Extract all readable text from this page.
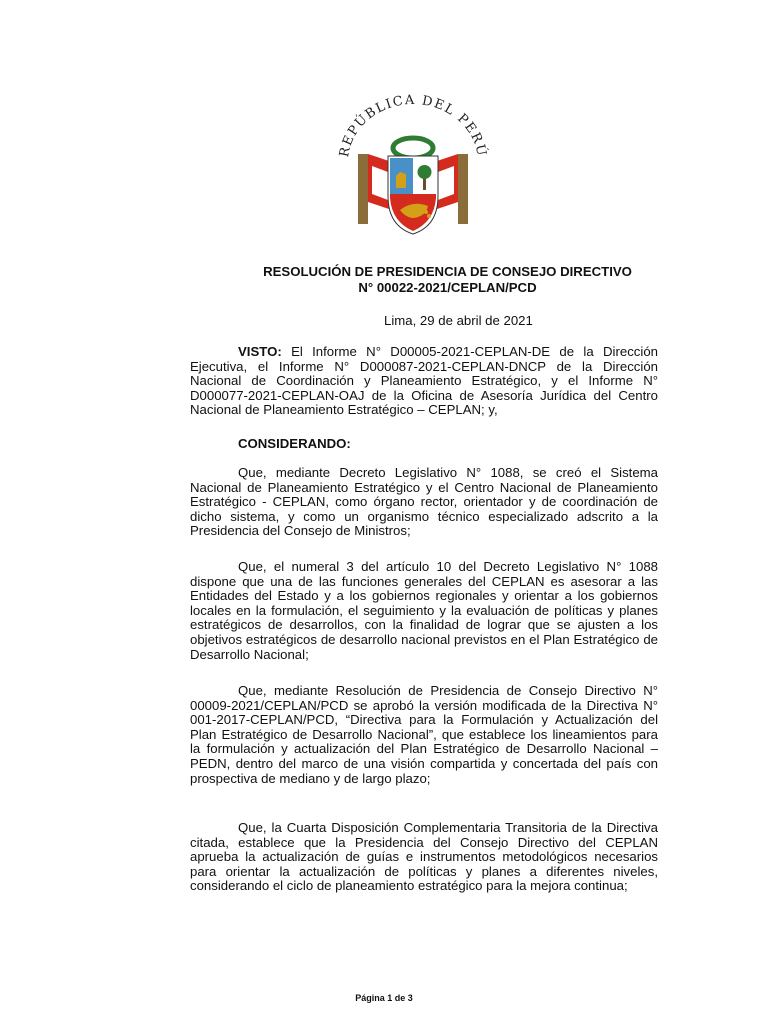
REPÚBLICA DEL PERÚ
RESOLUCIÓN DE PRESIDENCIA DE CONSEJO DIRECTIVO
N° 00022-2021/CEPLAN/PCD
Lima, 29 de abril de 2021

VISTO: El Informe N° D00005-2021-CEPLAN-DE de la Dirección Ejecutiva, el Informe N° D000087-2021-CEPLAN-DNCP de la Dirección Nacional de Coordinación y Planeamiento Estratégico, y el Informe N° D000077-2021-CEPLAN-OAJ de la Oficina de Asesoría Jurídica del Centro Nacional de Planeamiento Estratégico – CEPLAN; y,

CONSIDERANDO:

Que, mediante Decreto Legislativo N° 1088, se creó el Sistema Nacional de Planeamiento Estratégico y el Centro Nacional de Planeamiento Estratégico - CEPLAN, como órgano rector, orientador y de coordinación de dicho sistema, y como un organismo técnico especializado adscrito a la Presidencia del Consejo de Ministros;

Que, el numeral 3 del artículo 10 del Decreto Legislativo N° 1088 dispone que una de las funciones generales del CEPLAN es asesorar a las Entidades del Estado y a los gobiernos regionales y orientar a los gobiernos locales en la formulación, el seguimiento y la evaluación de políticas y planes estratégicos de desarrollos, con la finalidad de lograr que se ajusten a los objetivos estratégicos de desarrollo nacional previstos en el Plan Estratégico de Desarrollo Nacional;

Que, mediante Resolución de Presidencia de Consejo Directivo N° 00009-2021/CEPLAN/PCD se aprobó la versión modificada de la Directiva N° 001-2017-CEPLAN/PCD, “Directiva para la Formulación y Actualización del Plan Estratégico de Desarrollo Nacional”, que establece los lineamientos para la formulación y actualización del Plan Estratégico de Desarrollo Nacional – PEDN, dentro del marco de una visión compartida y concertada del país con prospectiva de mediano y de largo plazo;

Que, la Cuarta Disposición Complementaria Transitoria de la Directiva citada, establece que la Presidencia del Consejo Directivo del CEPLAN aprueba la actualización de guías e instrumentos metodológicos necesarios para orientar la actualización de políticas y planes a diferentes niveles, considerando el ciclo de planeamiento estratégico para la mejora continua;

Página 1 de 3
